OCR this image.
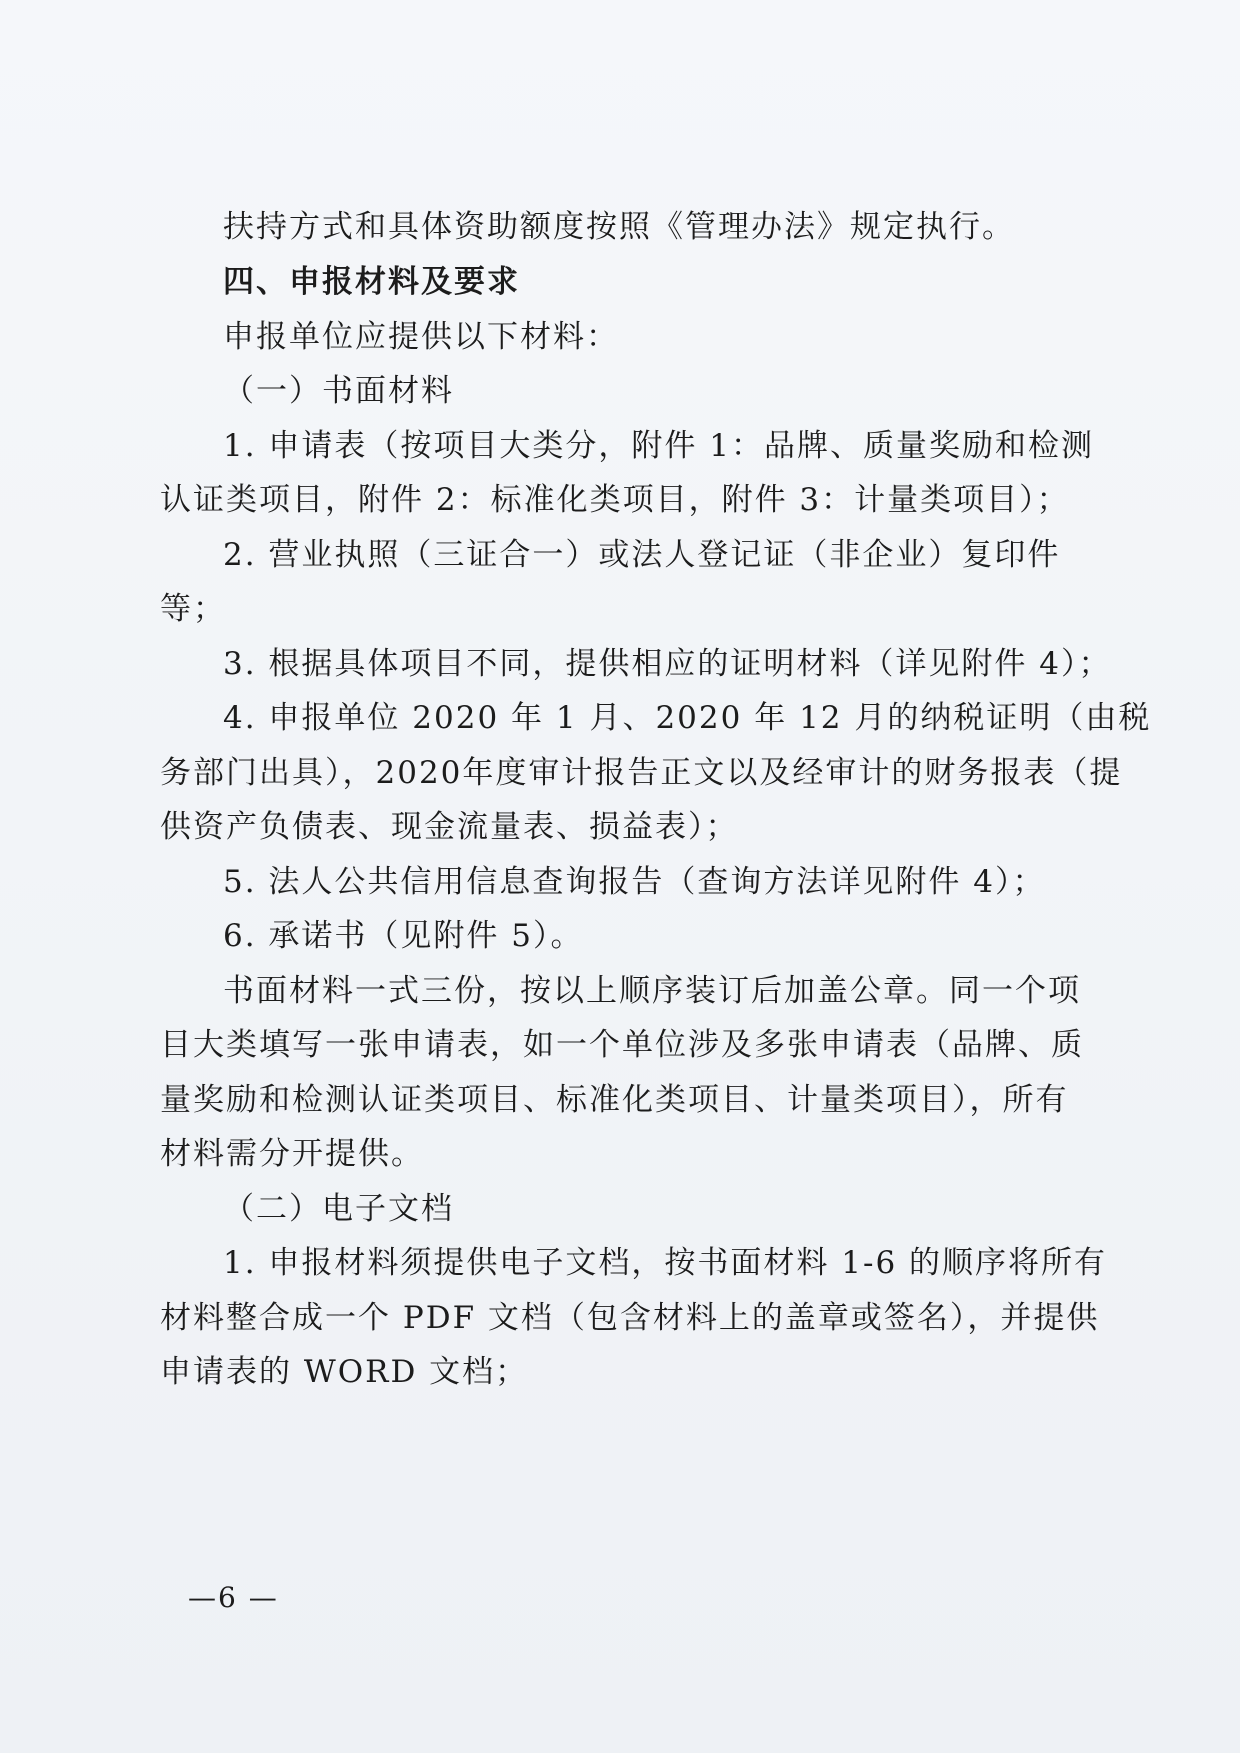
扶持方式和具体资助额度按照《管理办法》规定执行。
四、申报材料及要求
申报单位应提供以下材料：
（一）书面材料
1. 申请表（按项目大类分，附件 1：品牌、质量奖励和检测
认证类项目，附件 2：标准化类项目，附件 3：计量类项目）；
2. 营业执照（三证合一）或法人登记证（非企业）复印件
等；
3. 根据具体项目不同，提供相应的证明材料（详见附件 4）；
4. 申报单位 2020 年 1 月、2020 年 12 月的纳税证明（由税
务部门出具），2020年度审计报告正文以及经审计的财务报表（提
供资产负债表、现金流量表、损益表）；
5. 法人公共信用信息查询报告（查询方法详见附件 4）；
6. 承诺书（见附件 5）。
书面材料一式三份，按以上顺序装订后加盖公章。同一个项
目大类填写一张申请表，如一个单位涉及多张申请表（品牌、质
量奖励和检测认证类项目、标准化类项目、计量类项目），所有
材料需分开提供。
（二）电子文档
1. 申报材料须提供电子文档，按书面材料 1-6 的顺序将所有
材料整合成一个 PDF 文档（包含材料上的盖章或签名），并提供
申请表的 WORD 文档；
—6 —
